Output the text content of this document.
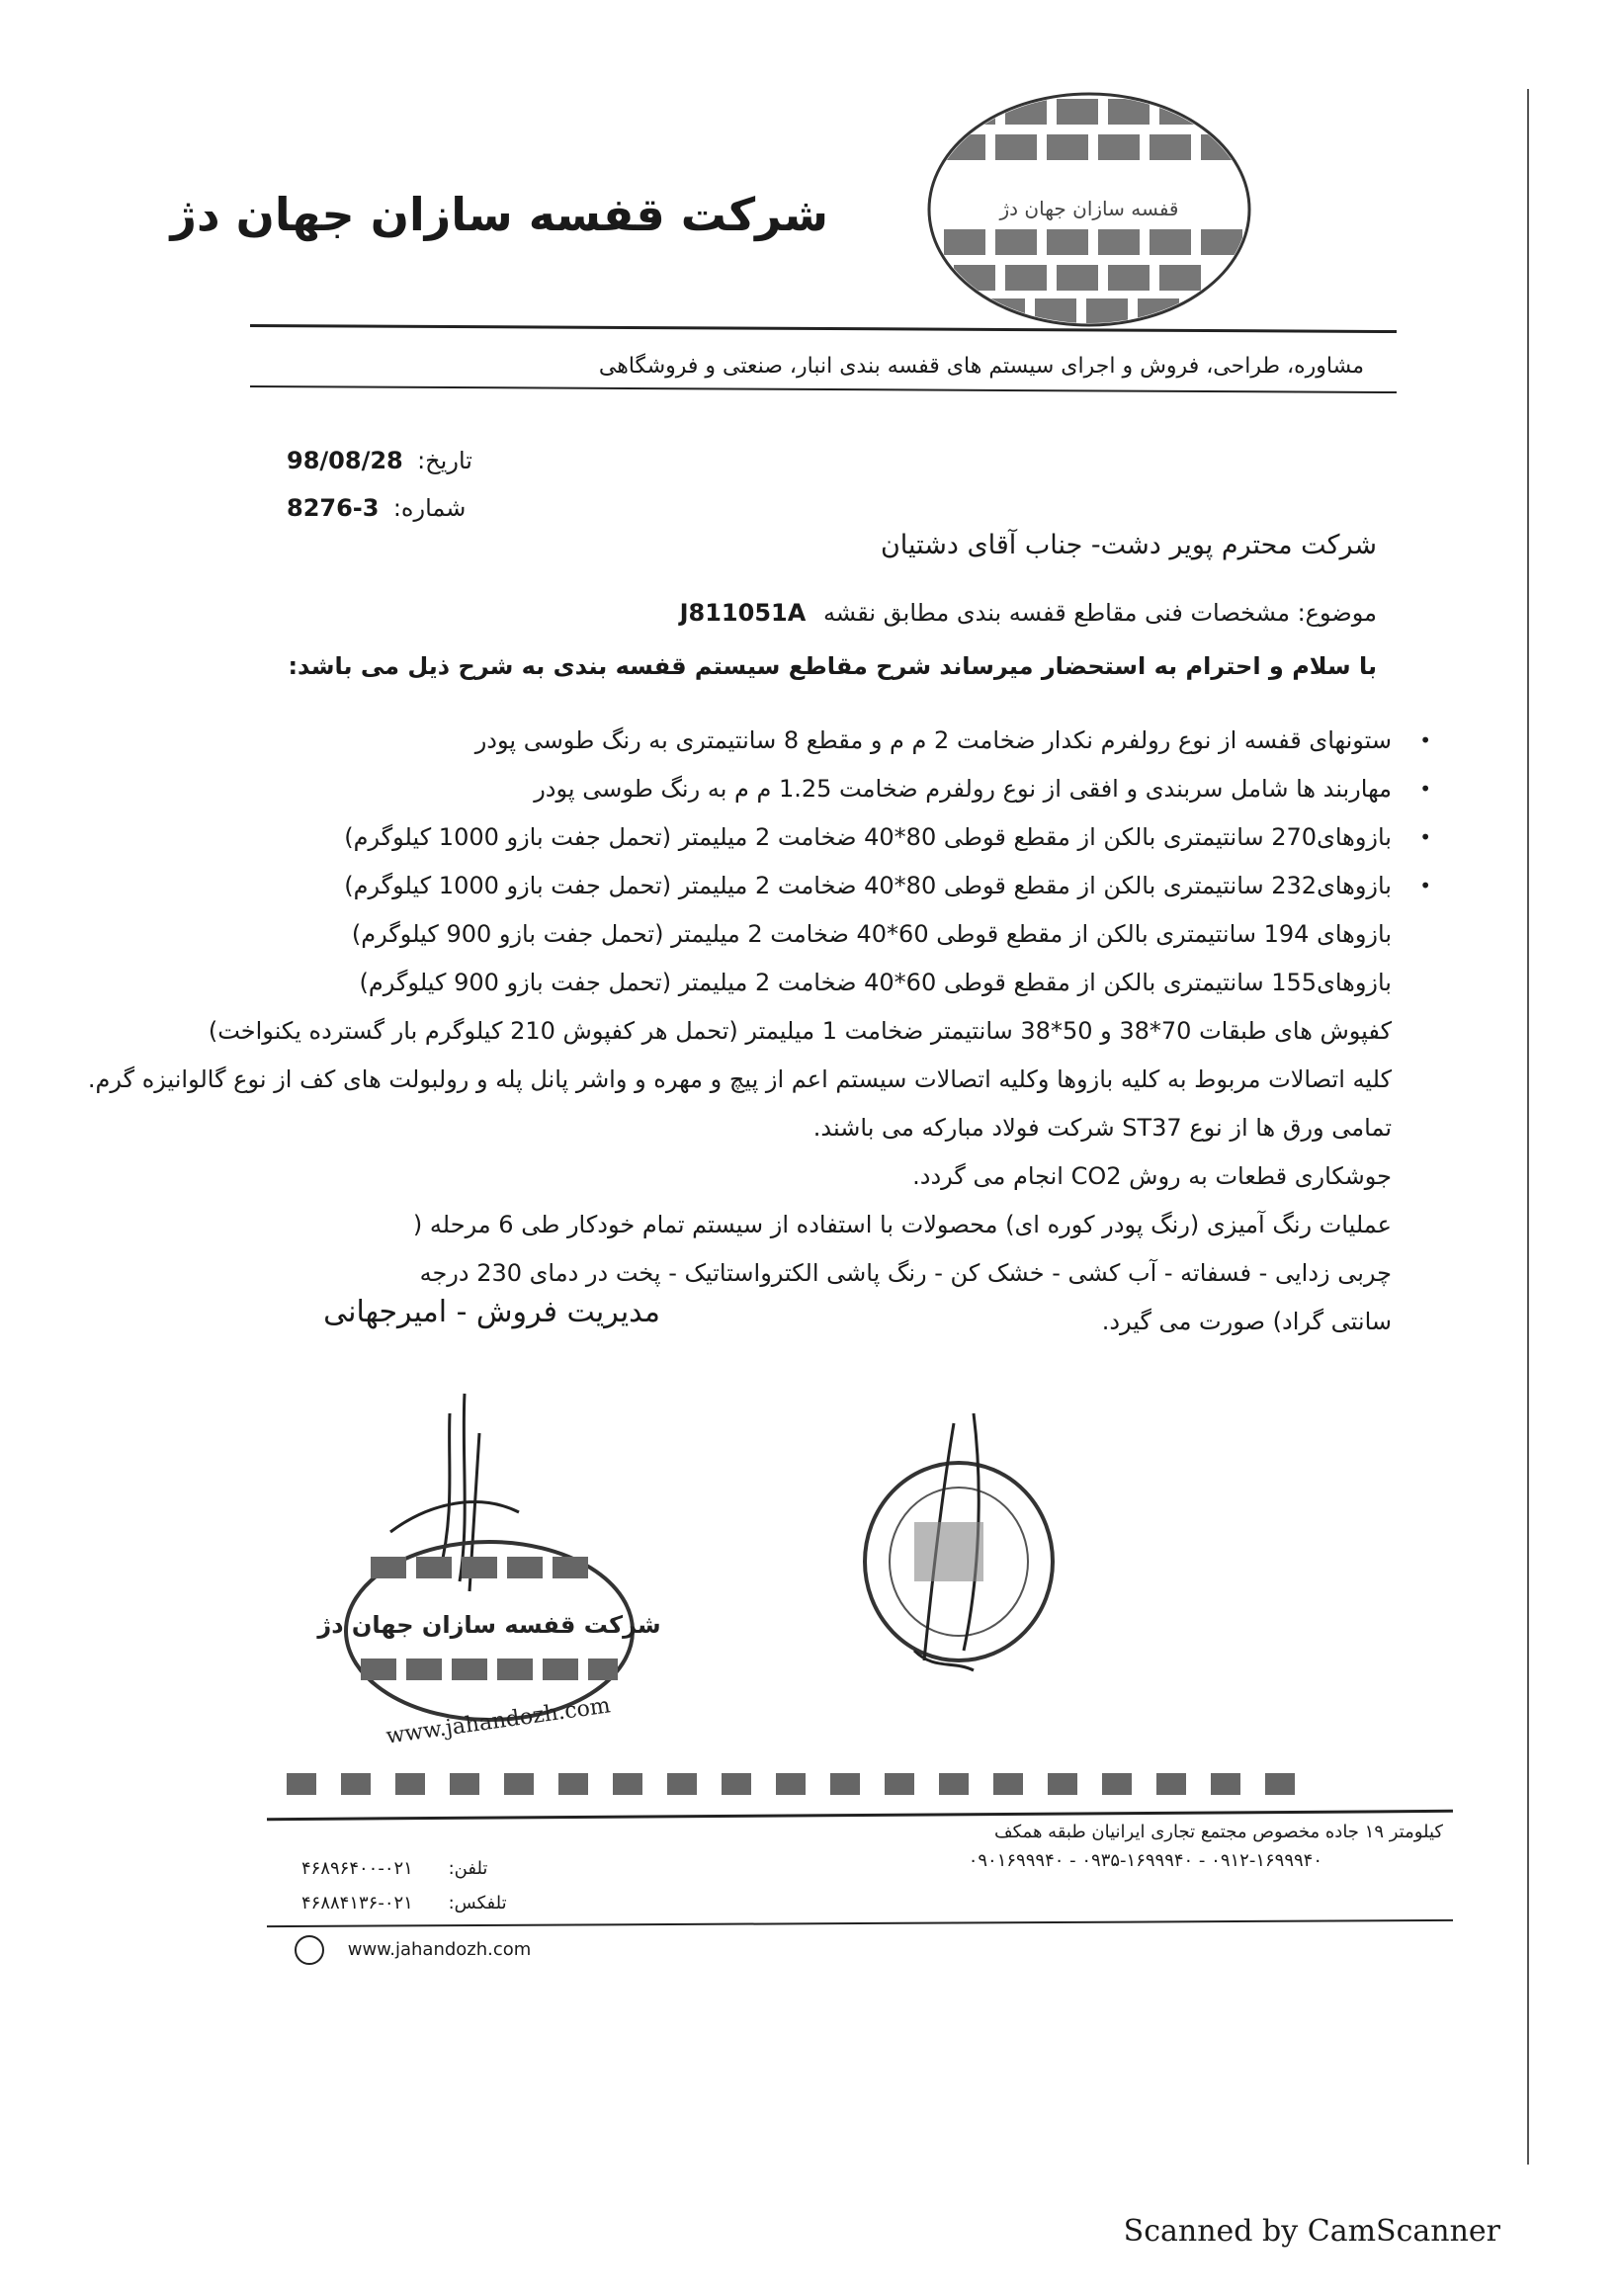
شرکت قفسه سازان جهان دژ	قفسه سازان جهان دژ
مشاوره، طراحی، فروش و اجرای سیستم های قفسه بندی انبار، صنعتی و فروشگاهی
تاریخ: 98/08/28
شماره: 3-8276
شرکت محترم پویر دشت- جناب آقای دشتیان
موضوع: مشخصات فنی مقاطع قفسه بندی مطابق نقشه J811051A
با سلام و احترام به استحضار میرساند شرح مقاطع سیستم قفسه بندی به شرح ذیل می باشد:
ستونهای قفسه از نوع رولفرم نکدار ضخامت 2 م م و مقطع 8 سانتیمتری به رنگ طوسی پودر •
مهاربند ها شامل سربندی و افقی از نوع رولفرم ضخامت 1.25 م م به رنگ طوسی پودر •
بازوهای270 سانتیمتری بالکن از مقطع قوطی 80*40 ضخامت 2 میلیمتر (تحمل جفت بازو 1000 کیلوگرم) •
بازوهای232 سانتیمتری بالکن از مقطع قوطی 80*40 ضخامت 2 میلیمتر (تحمل جفت بازو 1000 کیلوگرم) •
بازوهای 194 سانتیمتری بالکن از مقطع قوطی 60*40 ضخامت 2 میلیمتر (تحمل جفت بازو 900 کیلوگرم)
بازوهای155 سانتیمتری بالکن از مقطع قوطی 60*40 ضخامت 2 میلیمتر (تحمل جفت بازو 900 کیلوگرم)
کفپوش های طبقات 70*38 و 50*38 سانتیمتر ضخامت 1 میلیمتر (تحمل هر کفپوش 210 کیلوگرم بار گسترده یکنواخت)
کلیه اتصالات مربوط به کلیه بازوها وکلیه اتصالات سیستم اعم از پیچ و مهره و واشر پانل پله و رولبولت های کف از نوع گالوانیزه گرم.
تمامی ورق ها از نوع ST37 شرکت فولاد مبارکه می باشند.
جوشکاری قطعات به روش CO2 انجام می گردد.
عملیات رنگ آمیزی (رنگ پودر کوره ای) محصولات با استفاده از سیستم تمام خودکار طی 6 مرحله ( چربی زدایی - فسفاته - آب کشی - خشک کن - رنگ پاشی الکترواستاتیک - پخت در دمای 230 درجه سانتی گراد) صورت می گیرد.
مدیریت فروش - امیرجهانی
شرکت قفسه سازان جهان دژ
www.jahandozh.com
کیلومتر ۱۹ جاده مخصوص مجتمع تجاری ایرانیان طبقه همکف
۰۹۱۲-۱۶۹۹۹۴۰ - ۰۹۳۵-۱۶۹۹۹۴۰ - ۰۹۰۱۶۹۹۹۴۰
تلفن: ۰۲۱-۴۶۸۹۶۴۰۰
تلفکس: ۰۲۱-۴۶۸۸۴۱۳۶
www.jahandozh.com
Scanned by CamScanner
